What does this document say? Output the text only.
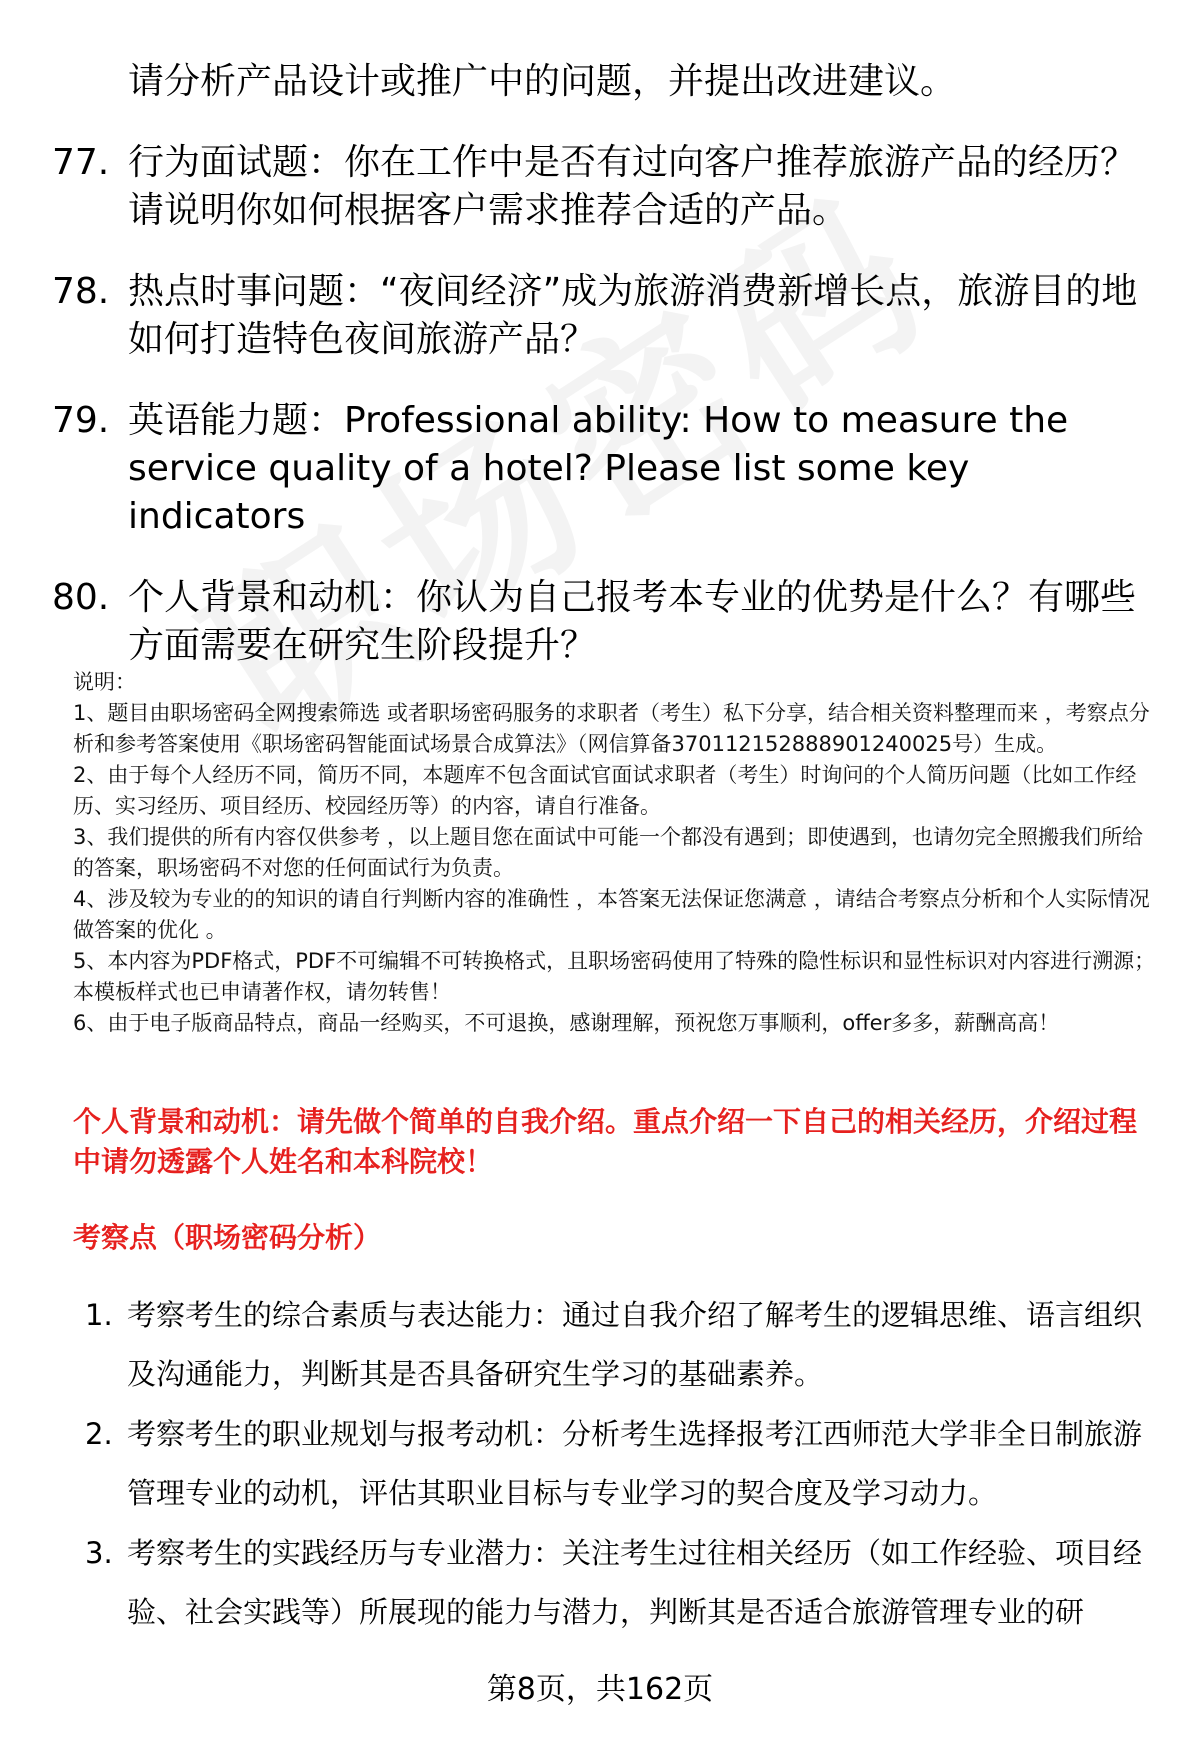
请分析产品设计或推广中的问题，并提出改进建议。
77. 行为面试题：你在工作中是否有过向客户推荐旅游产品的经历？请说明你如何根据客户需求推荐合适的产品。
78. 热点时事问题：“夜间经济”成为旅游消费新增长点，旅游目的地如何打造特色夜间旅游产品？
79. 英语能力题：Professional ability: How to measure the service quality of a hotel? Please list some key indicators
80. 个人背景和动机：你认为自己报考本专业的优势是什么？有哪些方面需要在研究生阶段提升？

说明：

1、题目由职场密码全网搜索筛选 或者职场密码服务的求职者（考生）私下分享，结合相关资料整理而来 ，考察点分析和参考答案使用《职场密码智能面试场景合成算法》（网信算备370112152888901240025号）生成。

2、由于每个人经历不同，简历不同，本题库不包含面试官面试求职者（考生）时询问的个人简历问题（比如工作经历、实习经历、项目经历、校园经历等）的内容，请自行准备。

3、我们提供的所有内容仅供参考 ，以上题目您在面试中可能一个都没有遇到；即使遇到，也请勿完全照搬我们所给的答案，职场密码不对您的任何面试行为负责。

4、涉及较为专业的的知识的请自行判断内容的准确性 ，本答案无法保证您满意 ，请结合考察点分析和个人实际情况做答案的优化 。

5、本内容为PDF格式，PDF不可编辑不可转换格式，且职场密码使用了特殊的隐性标识和显性标识对内容进行溯源；本模板样式也已申请著作权，请勿转售！

6、由于电子版商品特点，商品一经购买，不可退换，感谢理解，预祝您万事顺利，offer多多，薪酬高高！

个人背景和动机：请先做个简单的自我介绍。重点介绍一下自己的相关经历，介绍过程中请勿透露个人姓名和本科院校！
考察点（职场密码分析）
1. 考察考生的综合素质与表达能力：通过自我介绍了解考生的逻辑思维、语言组织及沟通能力，判断其是否具备研究生学习的基础素养。
2. 考察考生的职业规划与报考动机：分析考生选择报考江西师范大学非全日制旅游管理专业的动机，评估其职业目标与专业学习的契合度及学习动力。
3. 考察考生的实践经历与专业潜力：关注考生过往相关经历（如工作经验、项目经验、社会实践等）所展现的能力与潜力，判断其是否适合旅游管理专业的研
第8页，共162页
